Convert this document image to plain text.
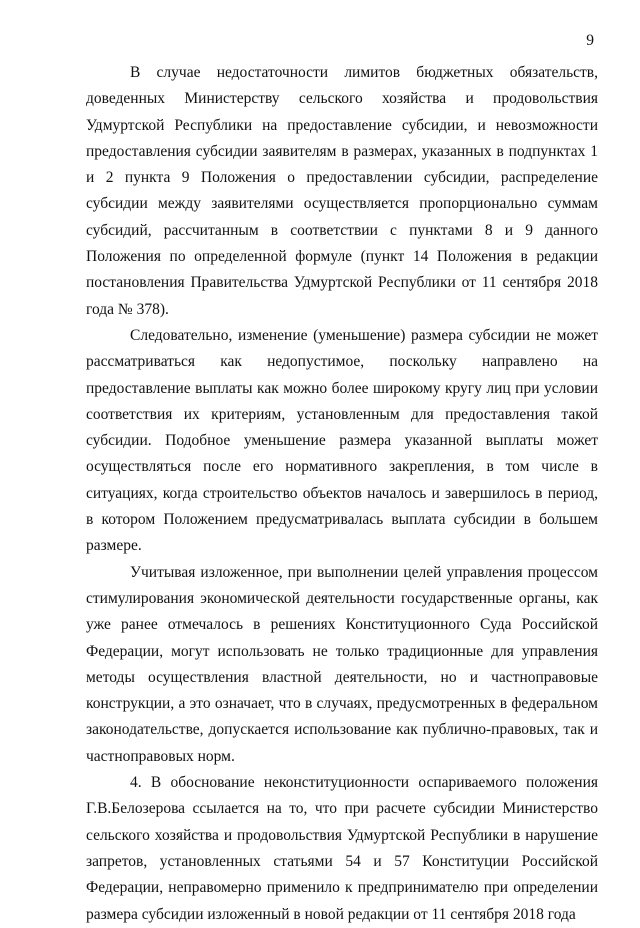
9

В случае недостаточности лимитов бюджетных обязательств, доведенных Министерству сельского хозяйства и продовольствия Удмуртской Республики на предоставление субсидии, и невозможности предоставления субсидии заявителям в размерах, указанных в подпунктах 1 и 2 пункта 9 Положения о предоставлении субсидии, распределение субсидии между заявителями осуществляется пропорционально суммам субсидий, рассчитанным в соответствии с пунктами 8 и 9 данного Положения по определенной формуле (пункт 14 Положения в редакции постановления Правительства Удмуртской Республики от 11 сентября 2018 года № 378).

Следовательно, изменение (уменьшение) размера субсидии не может рассматриваться как недопустимое, поскольку направлено на предоставление выплаты как можно более широкому кругу лиц при условии соответствия их критериям, установленным для предоставления такой субсидии. Подобное уменьшение размера указанной выплаты может осуществляться после его нормативного закрепления, в том числе в ситуациях, когда строительство объектов началось и завершилось в период, в котором Положением предусматривалась выплата субсидии в большем размере.

Учитывая изложенное, при выполнении целей управления процессом стимулирования экономической деятельности государственные органы, как уже ранее отмечалось в решениях Конституционного Суда Российской Федерации, могут использовать не только традиционные для управления методы осуществления властной деятельности, но и частноправовые конструкции, а это означает, что в случаях, предусмотренных в федеральном законодательстве, допускается использование как публично-правовых, так и частноправовых норм.

4. В обоснование неконституционности оспариваемого положения Г.В.Белозерова ссылается на то, что при расчете субсидии Министерство сельского хозяйства и продовольствия Удмуртской Республики в нарушение запретов, установленных статьями 54 и 57 Конституции Российской Федерации, неправомерно применило к предпринимателю при определении размера субсидии изложенный в новой редакции от 11 сентября 2018 года
